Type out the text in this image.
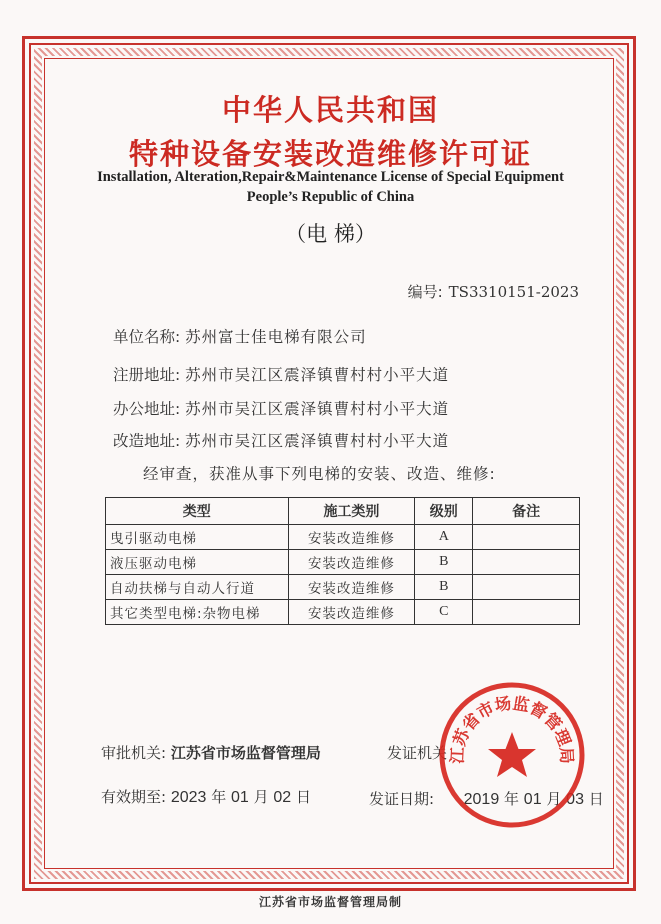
中华人民共和国
特种设备安装改造维修许可证
Installation, Alteration,Repair&Maintenance License of Special Equipment
People’s Republic of China
（电 梯）
编号: TS3310151-2023
单位名称: 苏州富士佳电梯有限公司
注册地址: 苏州市吴江区震泽镇曹村村小平大道
办公地址: 苏州市吴江区震泽镇曹村村小平大道
改造地址: 苏州市吴江区震泽镇曹村村小平大道
经审查，获准从事下列电梯的安装、改造、维修:
类型	施工类别	级别	备注
曳引驱动电梯	安装改造维修	A	
液压驱动电梯	安装改造维修	B	
自动扶梯与自动人行道	安装改造维修	B	
其它类型电梯:杂物电梯	安装改造维修	C	
审批机关: 江苏省市场监督管理局	发证机关
有效期至: 2023 年 01 月 02 日	发证日期: 2019 年 01 月 03 日
江苏省市场监督管理局
江苏省市场监督管理局制
